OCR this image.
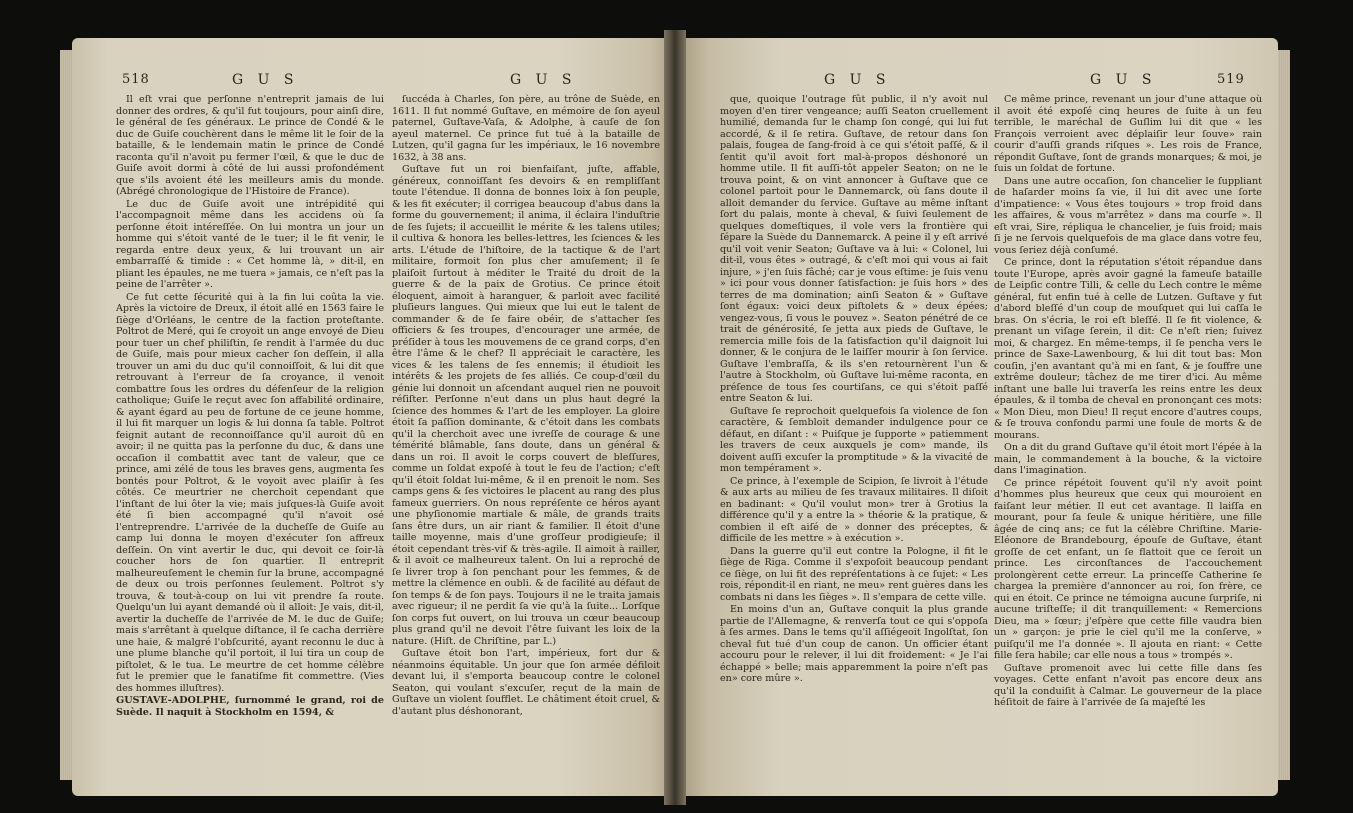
518	G U S	G U S

Il eſt vrai que perſonne n'entreprit jamais de lui donner des ordres, & qu'il fut toujours, pour ainſi dire, le général de ſes généraux. Le prince de Condé & le duc de Guiſe couchèrent dans le même lit le ſoir de la bataille, & le lendemain matin le prince de Condé raconta qu'il n'avoit pu fermer l'œil, & que le duc de Guiſe avoit dormi à côté de lui aussi profondément que s'ils avoient été les meilleurs amis du monde. (Abrégé chronologique de l'Histoire de France).

Le duc de Guiſe avoit une intrépidité qui l'accompagnoit même dans les accidens où ſa perſonne étoit intéreſſée. On lui montra un jour un homme qui s'étoit vanté de le tuer; il le fit venir, le regarda entre deux yeux, & lui trouvant un air embarraſſé & timide : « Cet homme là, » dit-il, en pliant les épaules, ne me tuera » jamais, ce n'eſt pas la peine de l'arrêter ».

Ce fut cette ſécurité qui à la fin lui coûta la vie. Après la victoire de Dreux, il étoit allé en 1563 faire le ſiège d'Orléans, le centre de la faction proteſtante. Poltrot de Meré, qui ſe croyoit un ange envoyé de Dieu pour tuer un chef philiſtin, ſe rendit à l'armée du duc de Guiſe, mais pour mieux cacher ſon deſſein, il alla trouver un ami du duc qu'il connoiſſoit, & lui dit que retrouvant à l'erreur de ſa croyance, il venoit combattre ſous les ordres du défenſeur de la religion catholique; Guiſe le reçut avec ſon affabilité ordinaire, & ayant égard au peu de fortune de ce jeune homme, il lui fit marquer un logis & lui donna ſa table. Poltrot feignit autant de reconnoiſſance qu'il auroit dû en avoir; il ne quitta pas la perſonne du duc, & dans une occaſion il combattit avec tant de valeur, que ce prince, ami zélé de tous les braves gens, augmenta ſes bontés pour Poltrot, & le voyoit avec plaiſir à ſes côtés. Ce meurtrier ne cherchoit cependant que l'inſtant de lui ôter la vie; mais juſques-là Guiſe avoit été ſi bien accompagné qu'il n'avoit osé l'entreprendre. L'arrivée de la ducheſſe de Guiſe au camp lui donna le moyen d'exécuter ſon affreux deſſein. On vint avertir le duc, qui devoit ce ſoir-là coucher hors de ſon quartier. Il entreprit malheureuſement le chemin ſur la brune, accompagné de deux ou trois perſonnes ſeulement. Poltrot s'y trouva, & tout-à-coup on lui vit prendre ſa route. Quelqu'un lui ayant demandé où il alloit: Je vais, dit-il, avertir la ducheſſe de l'arrivée de M. le duc de Guiſe; mais s'arrêtant à quelque diſtance, il ſe cacha derrière une haie, & malgré l'obſcurité, ayant reconnu le duc à une plume blanche qu'il portoit, il lui tira un coup de piſtolet, & le tua. Le meurtre de cet homme célèbre fut le premier que le fanatiſme fit commettre. (Vies des hommes illuſtres).

GUSTAVE-ADOLPHE, ſurnommé le grand, roi de Suède. Il naquit à Stockholm en 1594, &

ſuccéda à Charles, ſon père, au trône de Suède, en 1611. Il fut nommé Guſtave, en mémoire de ſon ayeul paternel, Guſtave-Vaſa, & Adolphe, à cauſe de ſon ayeul maternel. Ce prince fut tué à la bataille de Lutzen, qu'il gagna ſur les impériaux, le 16 novembre 1632, à 38 ans.

Guſtave fut un roi bienfaiſant, juſte, affable, généreux, connoiſſant ſes devoirs & en rempliſſant toute l'étendue. Il donna de bonnes loix à ſon peuple, & les fit exécuter; il corrigea beaucoup d'abus dans la forme du gouvernement; il anima, il éclaira l'induſtrie de ſes ſujets; il accueillit le mérite & les talens utiles; il cultiva & honora les belles-lettres, les ſciences & les arts. L'étude de l'hiſtoire, de la tactique & de l'art militaire, formoit ſon plus cher amuſement; il ſe plaiſoit ſurtout à méditer le Traité du droit de la guerre & de la paix de Grotius. Ce prince étoit éloquent, aimoit à haranguer, & parloit avec facilité pluſieurs langues. Qui mieux que lui eut le talent de commander & de ſe faire obéir, de s'attacher ſes officiers & ſes troupes, d'encourager une armée, de préſider à tous les mouvemens de ce grand corps, d'en être l'âme & le chef? Il appréciait le caractère, les vices & les talens de ſes ennemis; il étudioit les intérêts & les projets de ſes alliés. Ce coup-d'œil du génie lui donnoit un aſcendant auquel rien ne pouvoit réſiſter. Perſonne n'eut dans un plus haut degré la ſcience des hommes & l'art de les employer. La gloire étoit ſa paſſion dominante, & c'étoit dans les combats qu'il la cherchoit avec une ivreſſe de courage & une témérité blâmable, ſans doute, dans un général & dans un roi. Il avoit le corps couvert de bleſſures, comme un ſoldat expoſé à tout le feu de l'action; c'eſt qu'il étoit ſoldat lui-même, & il en prenoit le nom. Ses camps gens & ſes victoires le placent au rang des plus fameux guerriers. On nous repréſente ce héros ayant une phyſionomie martiale & mâle, de grands traits ſans être durs, un air riant & familier. Il étoit d'une taille moyenne, mais d'une groſſeur prodigieuſe; il étoit cependant très-vif & très-agile. Il aimoit à railler, & il avoit ce malheureux talent. On lui a reproché de ſe livrer trop à ſon penchant pour les femmes, & de mettre la clémence en oubli. & de facilité au défaut de ſon temps & de ſon pays. Toujours il ne le traita jamais avec rigueur; il ne perdit ſa vie qu'à la ſuite... Lorſque ſon corps fut ouvert, on lui trouva un cœur beaucoup plus grand qu'il ne devoit l'être ſuivant les loix de la nature. (Hiſt. de Chriſtine, par L.)

Guſtave étoit bon l'art, impérieux, fort dur & néanmoins équitable. Un jour que ſon armée défiloit devant lui, il s'emporta beaucoup contre le colonel Seaton, qui voulant s'excuſer, reçut de la main de Guſtave un violent ſoufflet. Le châtiment étoit cruel, & d'autant plus déshonorant,

G U S	G U S	519

que, quoique l'outrage fût public, il n'y avoit nul moyen d'en tirer vengeance; auſſi Seaton cruellement humilié, demanda ſur le champ ſon congé, qui lui fut accordé, & il ſe retira. Guſtave, de retour dans ſon palais, fougea de ſang-froid à ce qui s'étoit paſſé, & il ſentit qu'il avoit fort mal-à-propos déshonoré un homme utile. Il fit auſſi-tôt appeler Seaton; on ne le trouva point, & on vint annoncer à Guſtave que ce colonel partoit pour le Dannemarck, où ſans doute il alloit demander du ſervice. Guſtave au même inſtant ſort du palais, monte à cheval, & ſuivi ſeulement de quelques domeſtiques, il vole vers la frontière qui ſépare la Suède du Dannemarck. A peine il y eſt arrivé qu'il voit venir Seaton; Guſtave va à lui: « Colonel, lui dit-il, vous êtes » outragé, & c'eſt moi qui vous ai fait injure, » j'en ſuis fâché; car je vous eſtime: je ſuis venu » ici pour vous donner ſatisfaction: je ſuis hors » des terres de ma domination; ainſi Seaton & » Guſtave ſont égaux: voici deux piſtolets & » deux épées; vengez-vous, ſi vous le pouvez ». Seaton pénétré de ce trait de générosité, ſe jetta aux pieds de Guſtave, le remercia mille fois de la ſatisfaction qu'il daignoit lui donner, & le conjura de le laiſſer mourir à ſon ſervice. Guſtave l'embraſſa, & ils s'en retournèrent l'un & l'autre à Stockholm, où Guſtave lui-même raconta, en préſence de tous ſes courtiſans, ce qui s'étoit paſſé entre Seaton & lui.

Guſtave ſe reprochoit quelquefois ſa violence de ſon caractère, & ſembloit demander indulgence pour ce défaut, en diſant : « Puiſque je ſupporte » patiemment les travers de ceux auxquels je com» mande, ils doivent auſſi excuſer la promptitude » & la vivacité de mon tempérament ».

Ce prince, à l'exemple de Scipion, ſe livroit à l'étude & aux arts au milieu de ſes travaux militaires. Il diſoit en badinant: « Qu'il voulut mon» trer à Grotius la différence qu'il y a entre la » théorie & la pratique, & combien il eſt aiſé de » donner des préceptes, & difficile de les mettre » à exécution ».

Dans la guerre qu'il eut contre la Pologne, il fit le ſiège de Riga. Comme il s'expoſoit beaucoup pendant ce ſiège, on lui fit des repréſentations à ce ſujet: « Les rois, répondit-il en riant, ne meu» rent guères dans les combats ni dans les ſièges ». Il s'empara de cette ville.

En moins d'un an, Guſtave conquit la plus grande partie de l'Allemagne, & renverſa tout ce qui s'oppoſa à ſes armes. Dans le tems qu'il aſſiégeoit Ingolſtat, ſon cheval fut tué d'un coup de canon. Un officier étant accouru pour le relever, il lui dit froidement: « Je l'ai échappé » belle; mais apparemment la poire n'eſt pas en» core mûre ».

Ce même prince, revenant un jour d'une attaque où il avoit été expoſé cinq heures de ſuite à un feu terrible, le maréchal de Guſlim lui dit que « les François verroient avec déplaiſir leur ſouve» rain courir d'auſſi grands riſques ». Les rois de France, répondit Guſtave, ſont de grands monarques; & moi, je ſuis un ſoldat de fortune.

Dans une autre occaſion, ſon chancelier le ſuppliant de haſarder moins ſa vie, il lui dit avec une ſorte d'impatience: « Vous êtes toujours » trop froid dans les affaires, & vous m'arrêtez » dans ma courſe ». Il eſt vrai, Sire, répliqua le chancelier, je ſuis froid; mais ſi je ne ſervois quelquefois de ma glace dans votre feu, vous ſeriez déjà conſumé.

Ce prince, dont la réputation s'étoit répandue dans toute l'Europe, après avoir gagné la fameuſe bataille de Leipſic contre Tilli, & celle du Lech contre le même général, fut enfin tué à celle de Lutzen. Guſtave y fut d'abord bleſſé d'un coup de mouſquet qui lui caſſa le bras. On s'écria, le roi eſt bleſſé. Il ſe fit violence, & prenant un viſage ſerein, il dit: Ce n'eſt rien; ſuivez moi, & chargez. En même-temps, il ſe pencha vers le prince de Saxe-Lawenbourg, & lui dit tout bas: Mon couſin, j'en avantant qu'à mi en ſant, & je ſouffre une extrême douleur; tâchez de me tirer d'ici. Au même inſtant une balle lui traverſa les reins entre les deux épaules, & il tomba de cheval en prononçant ces mots: « Mon Dieu, mon Dieu! Il reçut encore d'autres coups, & ſe trouva confondu parmi une foule de morts & de mourans.

On a dit du grand Guſtave qu'il étoit mort l'épée à la main, le commandement à la bouche, & la victoire dans l'imagination.

Ce prince répétoit ſouvent qu'il n'y avoit point d'hommes plus heureux que ceux qui mouroient en faiſant leur métier. Il eut cet avantage. Il laiſſa en mourant, pour ſa ſeule & unique héritière, une fille âgée de cinq ans; ce fut la célèbre Chriſtine. Marie-Eléonore de Brandebourg, épouſe de Guſtave, étant groſſe de cet enfant, un ſe flattoit que ce ſeroit un prince. Les circonſtances de l'accouchement prolongèrent cette erreur. La princeſſe Catherine ſe chargea la première d'annoncer au roi, ſon frère, ce qui en étoit. Ce prince ne témoigna aucune ſurpriſe, ni aucune triſteſſe; il dit tranquillement: « Remercions Dieu, ma » ſœur; j'eſpère que cette fille vaudra bien un » garçon: je prie le ciel qu'il me la conſerve, » puiſqu'il me l'a donnée ». Il ajouta en riant: « Cette fille ſera habile; car elle nous a tous » trompés ».

Guſtave promenoit avec lui cette fille dans ſes voyages. Cette enfant n'avoit pas encore deux ans qu'il la conduiſit à Calmar. Le gouverneur de la place héſitoit de faire à l'arrivée de ſa majeſté les
